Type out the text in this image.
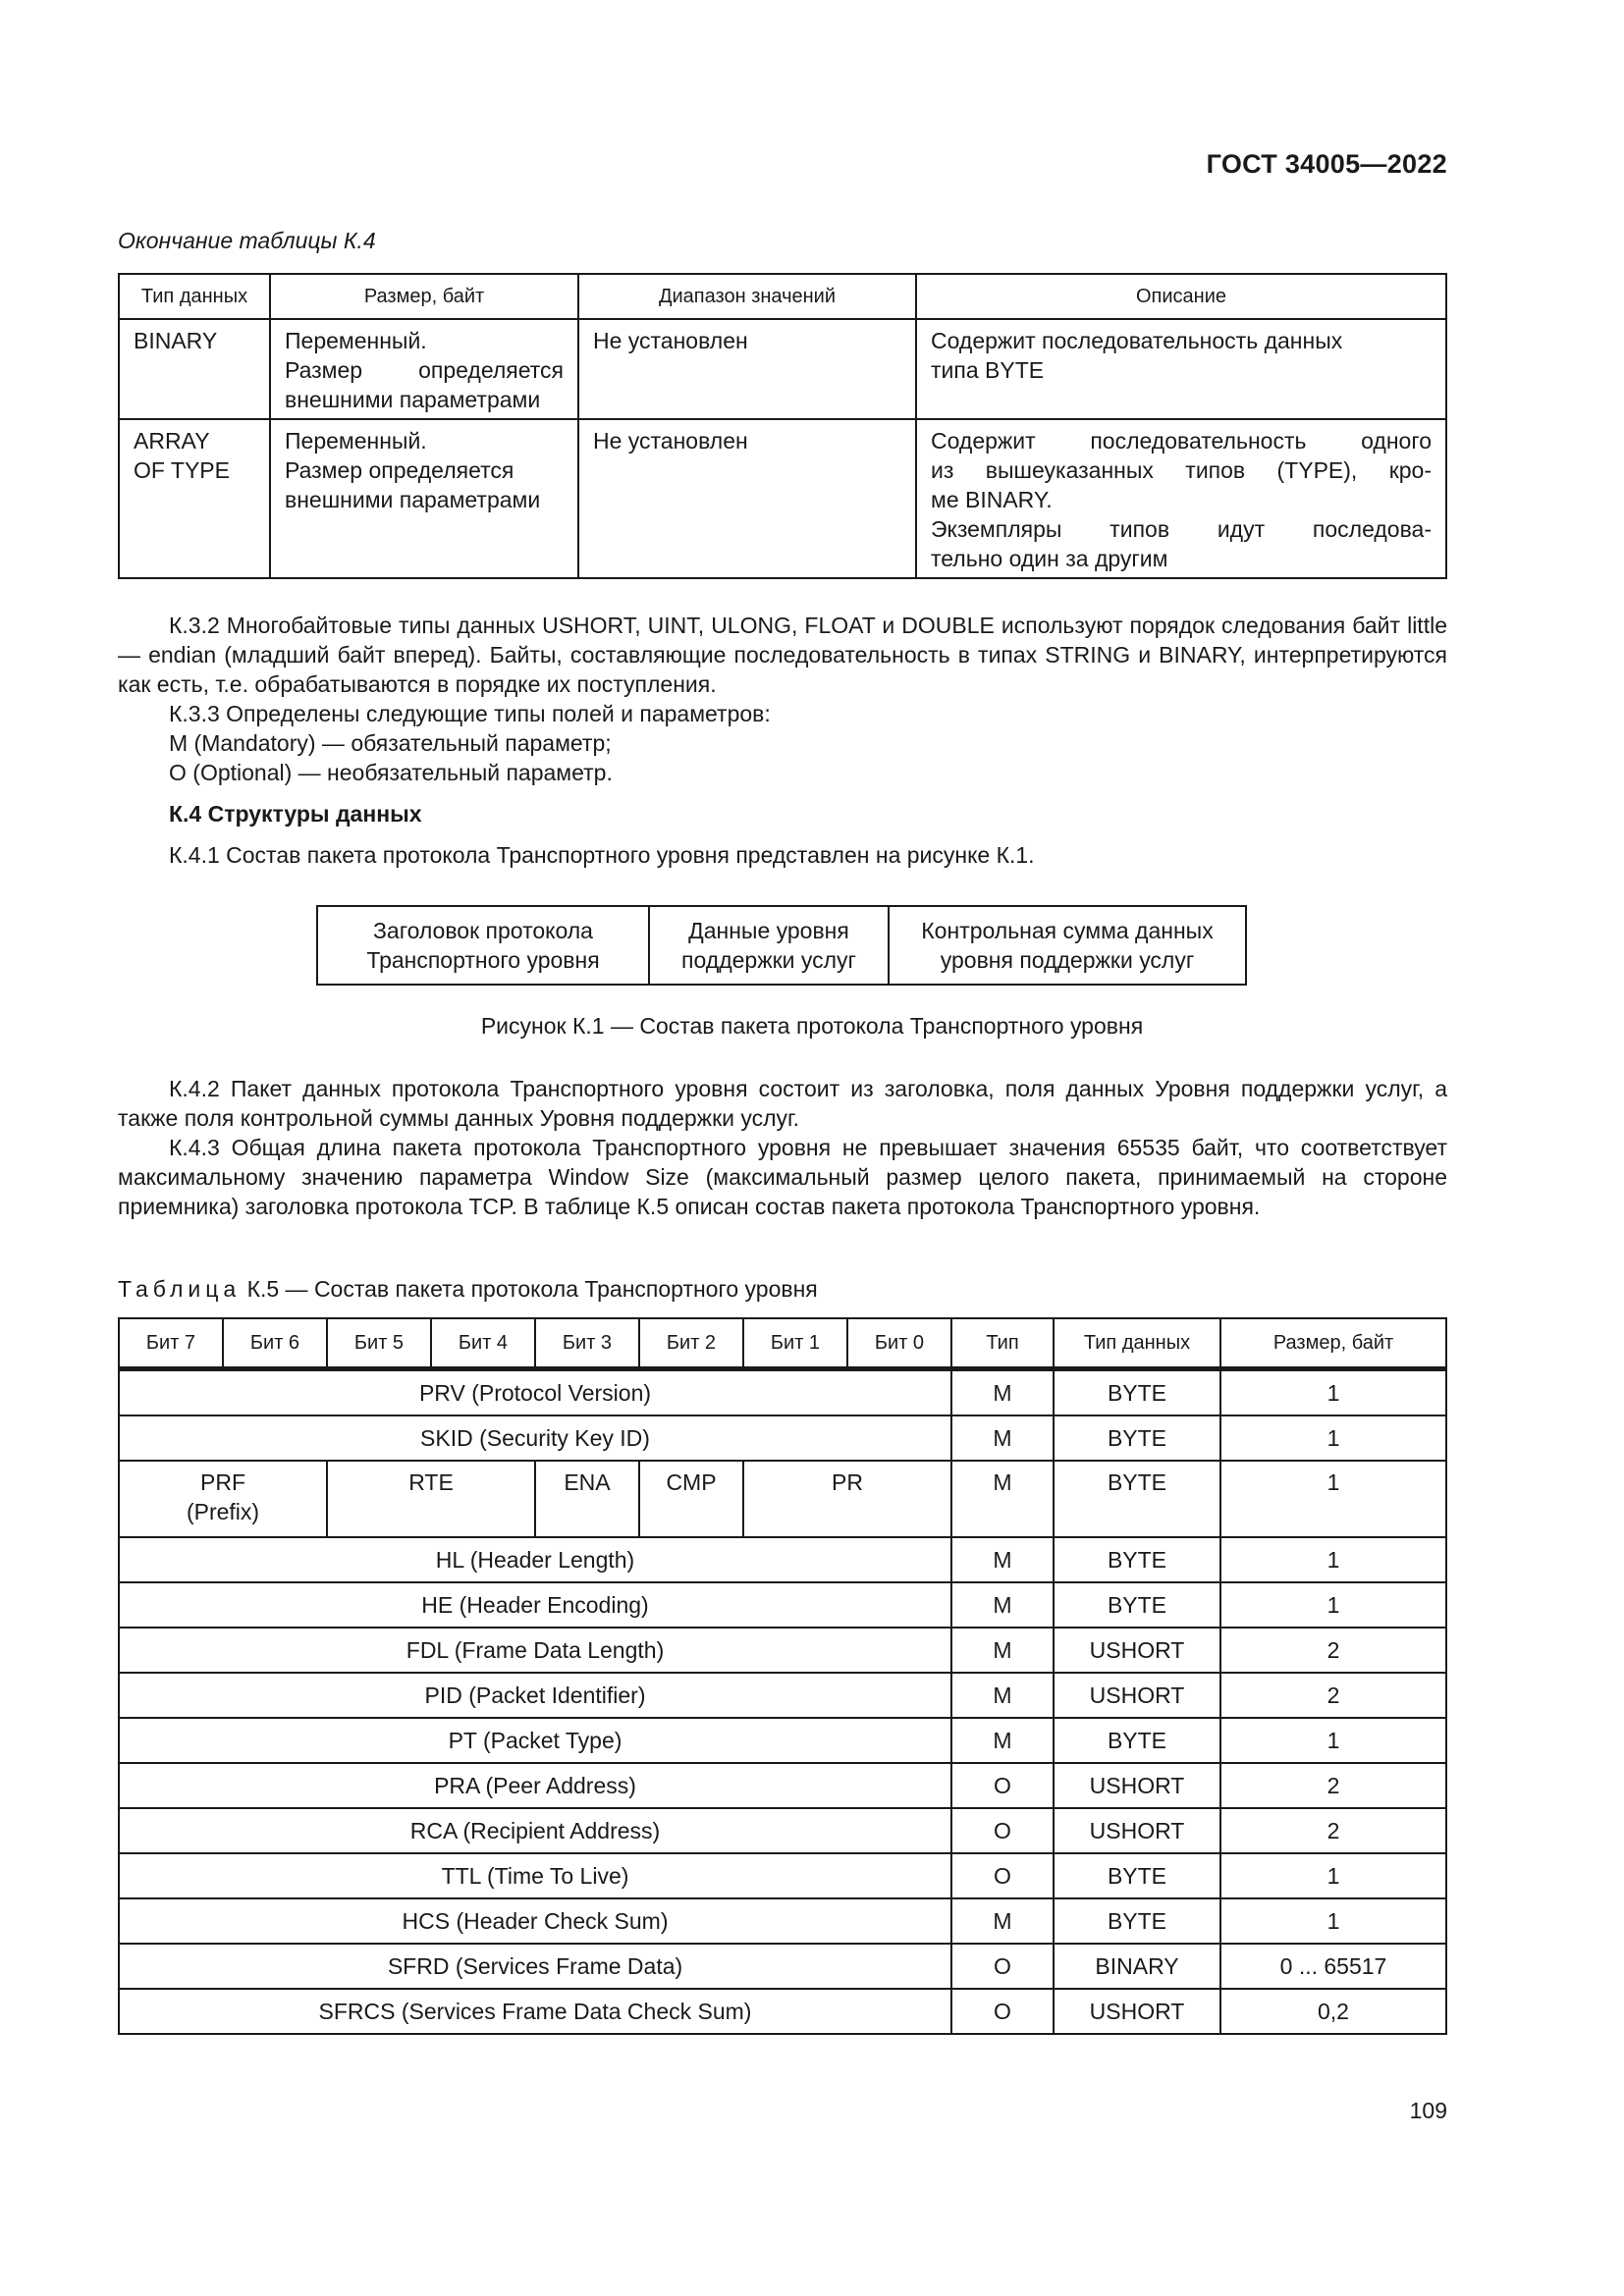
ГОСТ 34005—2022
Окончание таблицы К.4
Тип данных	Размер, байт	Диапазон значений	Описание
BINARY	Переменный.
Размер определяется
внешними параметрами	Не установлен	Содержит последовательность данных
типа BYTE

ARRAY
OF TYPE	Переменный.
Размер определяется
внешними параметрами	Не установлен	Содержит последовательность одного
из вышеуказанных типов (TYPE), кро-
ме BINARY.
Экземпляры типов идут последова-
тельно один за другим

К.3.2 Многобайтовые типы данных USHORT, UINT, ULONG, FLOAT и DOUBLE используют порядок следования байт little — endian (младший байт вперед). Байты, составляющие последовательность в типах STRING и BINARY, интерпретируются как есть, т.е. обрабатываются в порядке их поступления.

К.3.3 Определены следующие типы полей и параметров:

М (Mandatory) — обязательный параметр;

О (Optional) — необязательный параметр.

К.4 Структуры данных

К.4.1 Состав пакета протокола Транспортного уровня представлен на рисунке К.1.

Заголовок протокола
Транспортного уровня

Данные уровня
поддержки услуг

Контрольная сумма данных
уровня поддержки услуг
Рисунок К.1 — Состав пакета протокола Транспортного уровня

К.4.2 Пакет данных протокола Транспортного уровня состоит из заголовка, поля данных Уровня поддержки услуг, а также поля контрольной суммы данных Уровня поддержки услуг.

К.4.3 Общая длина пакета протокола Транспортного уровня не превышает значения 65535 байт, что соответствует максимальному значению параметра Window Size (максимальный размер целого пакета, принимаемый на стороне приемника) заголовка протокола TCP. В таблице К.5 описан состав пакета протокола Транспортного уровня.

Таблица К.5 — Состав пакета протокола Транспортного уровня
Бит 7	Бит 6	Бит 5	Бит 4	Бит 3	Бит 2	Бит 1	Бит 0	Тип	Тип данных	Размер, байт
PRV (Protocol Version)								M	BYTE	1
SKID (Security Key ID)								M	BYTE	1

PRF
(Prefix)		RTE		ENA	CMP	PR		M	BYTE	1
HL (Header Length)								M	BYTE	1
HE (Header Encoding)								M	BYTE	1
FDL (Frame Data Length)								M	USHORT	2
PID (Packet Identifier)								M	USHORT	2
PT (Packet Type)								M	BYTE	1
PRA (Peer Address)								O	USHORT	2
RCA (Recipient Address)								O	USHORT	2
TTL (Time To Live)								O	BYTE	1
HCS (Header Check Sum)								M	BYTE	1
SFRD (Services Frame Data)								O	BINARY	0 ... 65517
SFRCS (Services Frame Data Check Sum)								O	USHORT	0,2
109
